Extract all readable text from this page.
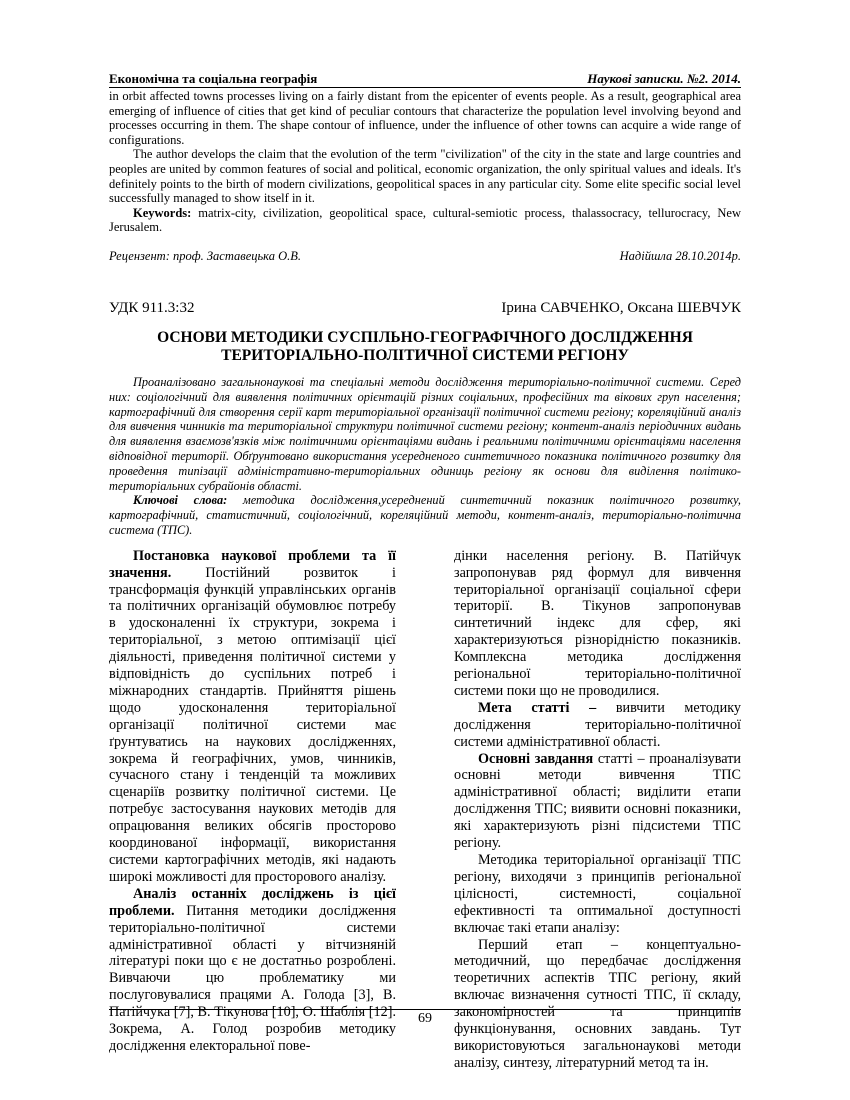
Економічна та соціальна географія	Наукові записки. №2. 2014.

in orbit affected towns processes living on a fairly distant from the epicenter of events people. As a result, geographical area emerging of influence of cities that get kind of peculiar contours that characterize the population level involving beyond and processes occurring in them. The shape contour of influence, under the influence of other towns can acquire a wide range of configurations.

The author develops the claim that the evolution of the term "civilization" of the city in the state and large countries and peoples are united by common features of social and political, economic organization, the only spiritual values and ideals. It's definitely points to the birth of modern civilizations, geopolitical spaces in any particular city. Some elite specific social level successfully managed to show itself in it.

Keywords: matrix-city, civilization, geopolitical space, cultural-semiotic process, thalassocracy, tellurocracy, New Jerusalem.

Рецензент: проф. Заставецька О.В.	Надійшла 28.10.2014р.
УДК 911.3:32	Ірина САВЧЕНКО, Оксана ШЕВЧУК
ОСНОВИ МЕТОДИКИ СУСПІЛЬНО-ГЕОГРАФІЧНОГО ДОСЛІДЖЕННЯ
ТЕРИТОРІАЛЬНО-ПОЛІТИЧНОЇ СИСТЕМИ РЕГІОНУ

Проаналізовано загальнонаукові та спеціальні методи дослідження територіально-політичної системи. Серед них: соціологічний для виявлення політичних орієнтацій різних соціальних, професійних та вікових груп населення; картографічний для створення серії карт територіальної організації політичної системи регіону; кореляційний аналіз для вивчення чинників та територіальної структури політичної системи регіону; контент-аналіз періодичних видань для виявлення взаємозв'язків між політичними орієнтаціями видань і реальними політичними орієнтаціями населення відповідної території. Обґрунтовано використання усередненого синтетичного показника політичного розвитку для проведення типізації адміністративно-територіальних одиниць регіону як основи для виділення політико-територіальних субрайонів області.

Ключові слова: методика дослідження,усереднений синтетичний показник політичного розвитку, картографічний, статистичний, соціологічний, кореляційний методи, контент-аналіз, територіально-політична система (ТПС).

Постановка наукової проблеми та її значення. Постійний розвиток і трансформація функцій управлінських органів та політичних організацій обумовлює потребу в удосконаленні їх структури, зокрема і територіальної, з метою оптимізації цієї діяльності, приведення політичної системи у відповідність до суспільних потреб і міжнародних стандартів. Прийняття рішень щодо удосконалення територіальної організації політичної системи має ґрунтуватись на наукових дослідженнях, зокрема й географічних, умов, чинників, сучасного стану і тенденцій та можливих сценаріїв розвитку політичної системи. Це потребує застосування наукових методів для опрацювання великих обсягів просторово координованої інформації, використання системи картографічних методів, які надають широкі можливості для просторового аналізу.

Аналіз останніх досліджень із цієї проблеми. Питання методики дослідження територіально-політичної системи адміністративної області у вітчизняній літературі поки що є не достатньо розроблені. Вивчаючи цю проблематику ми послуговувалися працями А. Голода [3], В. Патійчука [7], В. Тікунова [10], О. Шаблія [12]. Зокрема, А. Голод розробив методику дослідження електоральної пове-

дінки населення регіону. В. Патійчук запропонував ряд формул для вивчення територіальної організації соціальної сфери території. В. Тікунов запропонував синтетичний індекс для сфер, які характеризуються різнорідністю показників. Комплексна методика дослідження регіональної територіально-політичної системи поки що не проводилися.

Мета статті – вивчити методику дослідження територіально-політичної системи адміністративної області.

Основні завдання статті – проаналізувати основні методи вивчення ТПС адміністративної області; виділити етапи дослідження ТПС; виявити основні показники, які характеризують різні підсистеми ТПС регіону.

Методика територіальної організації ТПС регіону, виходячи з принципів регіональної цілісності, системності, соціальної ефективності та оптимальної доступності включає такі етапи аналізу:

Перший етап – концептуально-методичний, що передбачає дослідження теоретичних аспектів ТПС регіону, який включає визначення сутності ТПС, її складу, закономірностей та принципів функціонування, основних завдань. Тут використовуються загальнонаукові методи аналізу, синтезу, літературний метод та ін.

69
